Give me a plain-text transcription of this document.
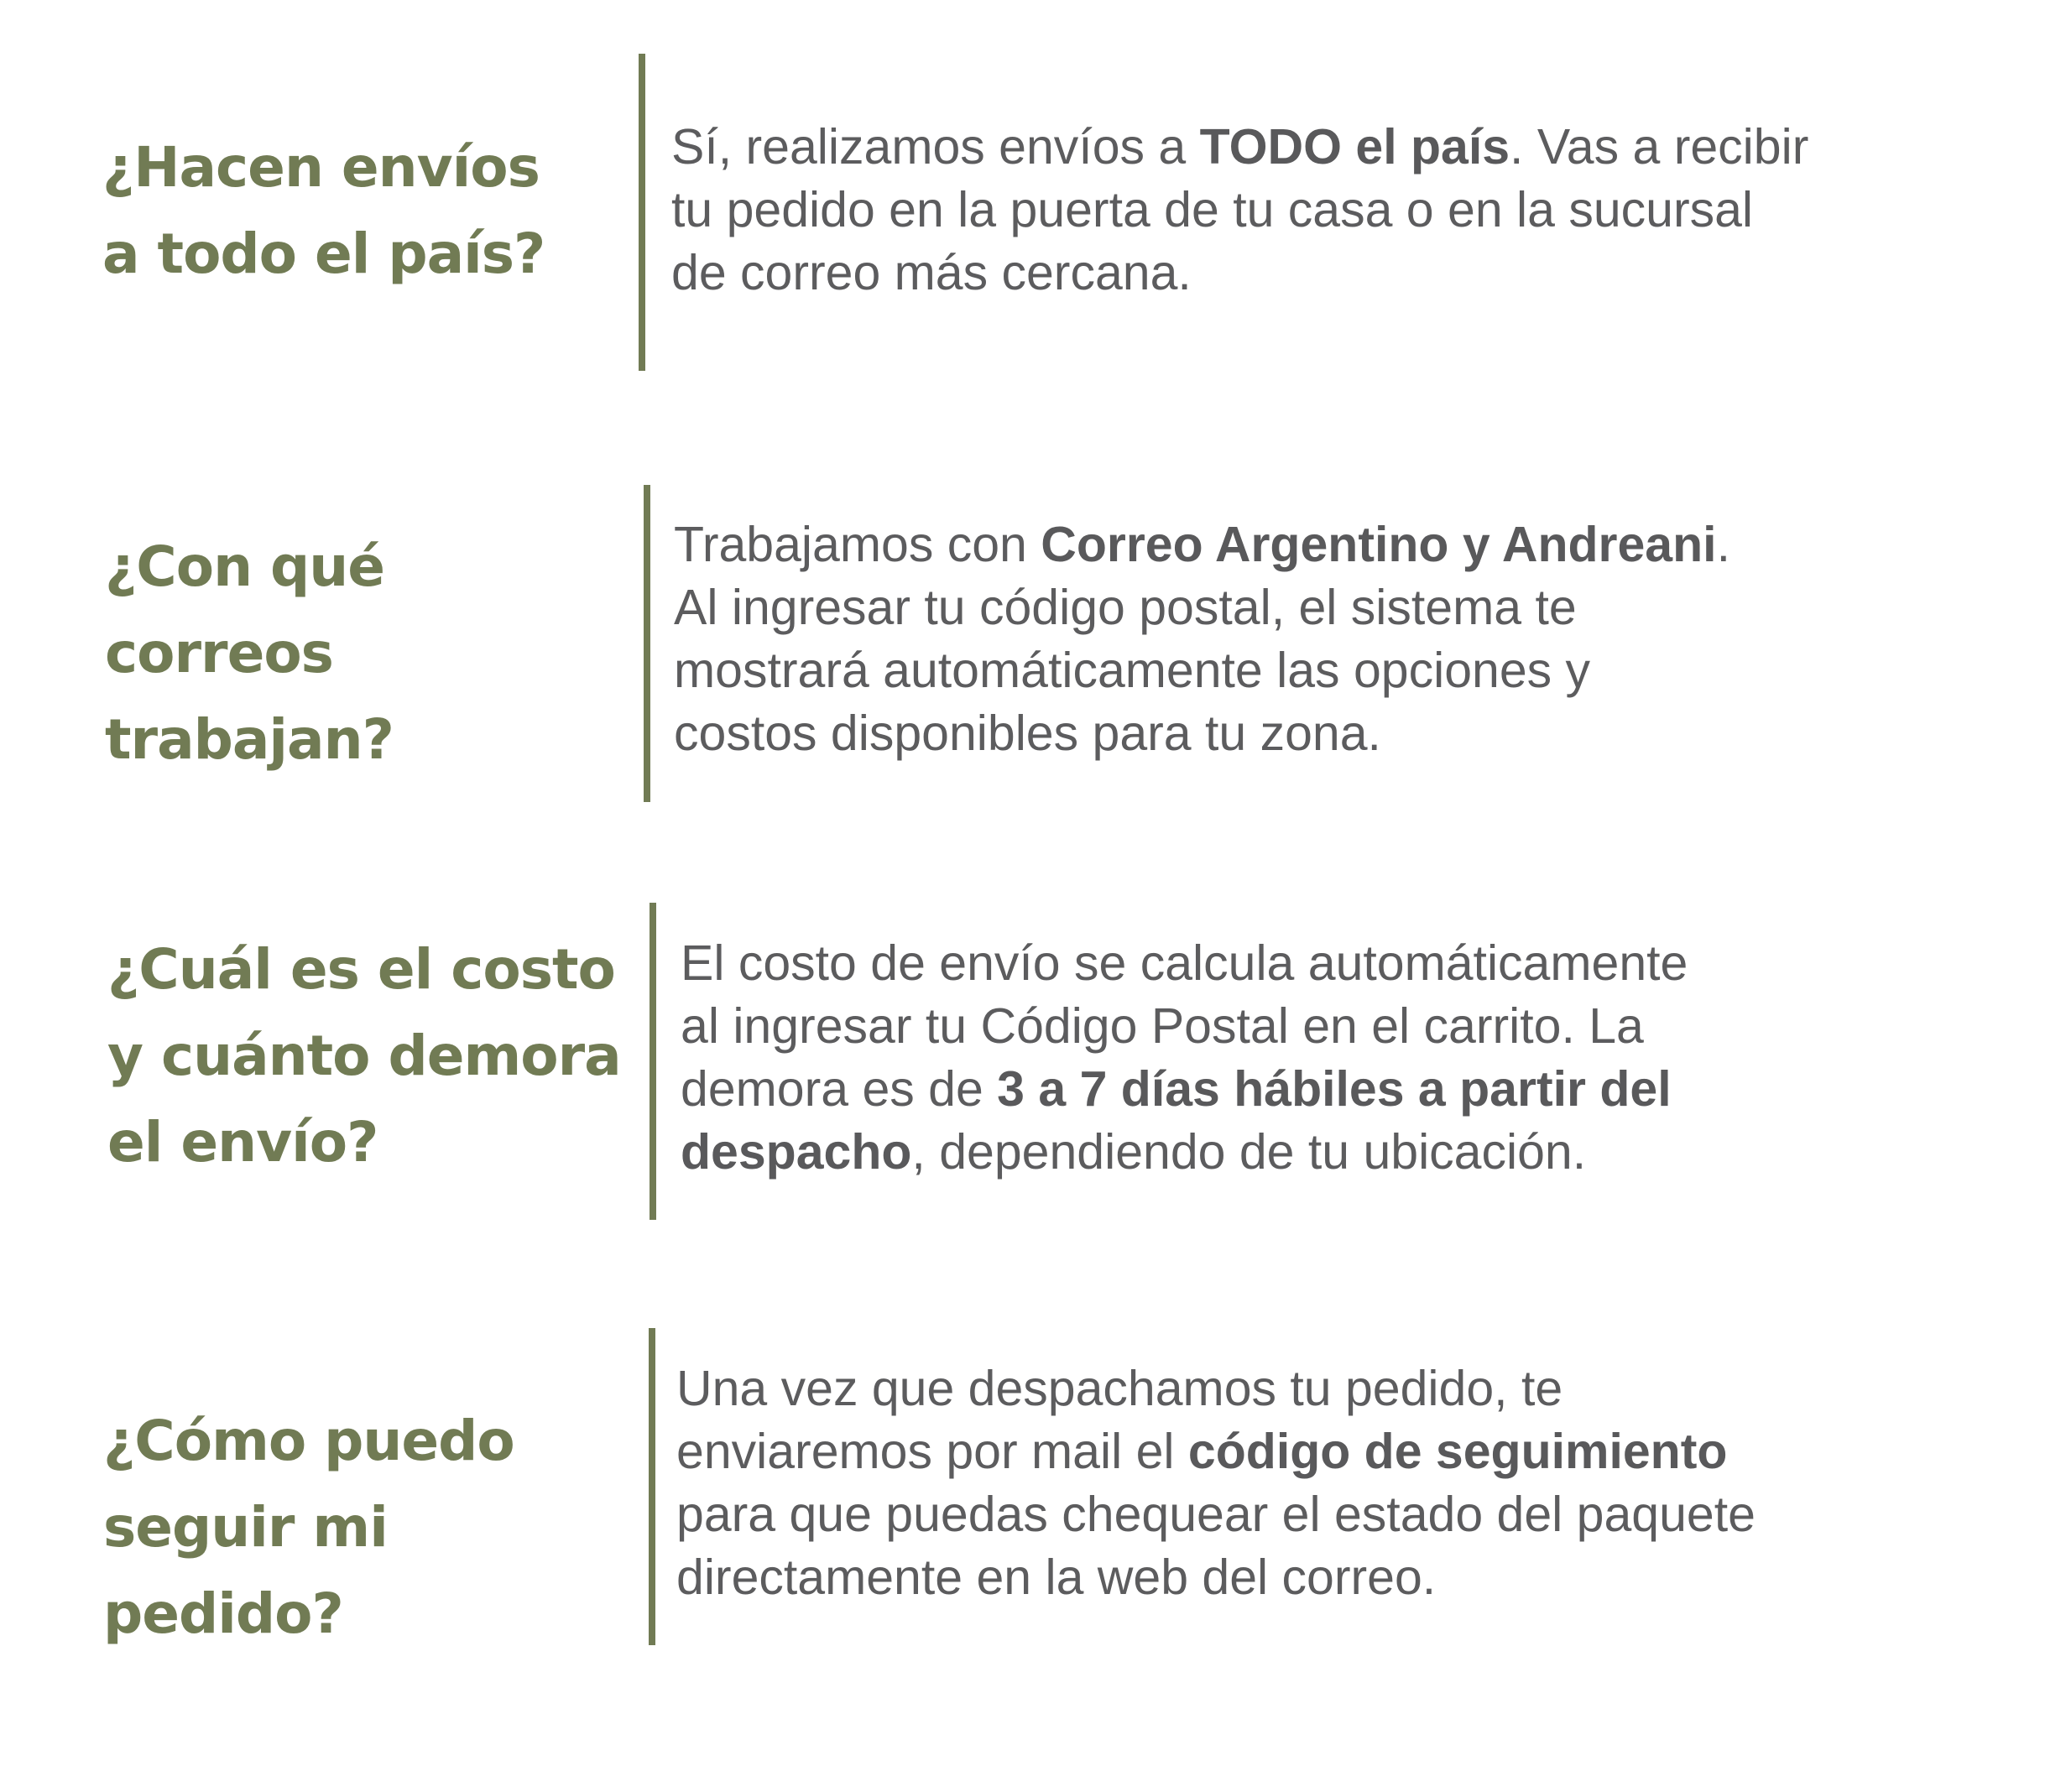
¿Hacen envíos
a todo el país?
Sí, realizamos envíos a TODO el país. Vas a recibir
tu pedido en la puerta de tu casa o en la sucursal
de correo más cercana.
¿Con qué
correos
trabajan?
Trabajamos con Correo Argentino y Andreani.
Al ingresar tu código postal, el sistema te
mostrará automáticamente las opciones y
costos disponibles para tu zona.
¿Cuál es el costo
y cuánto demora
el envío?
El costo de envío se calcula automáticamente
al ingresar tu Código Postal en el carrito. La
demora es de 3 a 7 días hábiles a partir del
despacho, dependiendo de tu ubicación.
¿Cómo puedo
seguir mi
pedido?
Una vez que despachamos tu pedido, te
enviaremos por mail el código de seguimiento
para que puedas chequear el estado del paquete
directamente en la web del correo.
